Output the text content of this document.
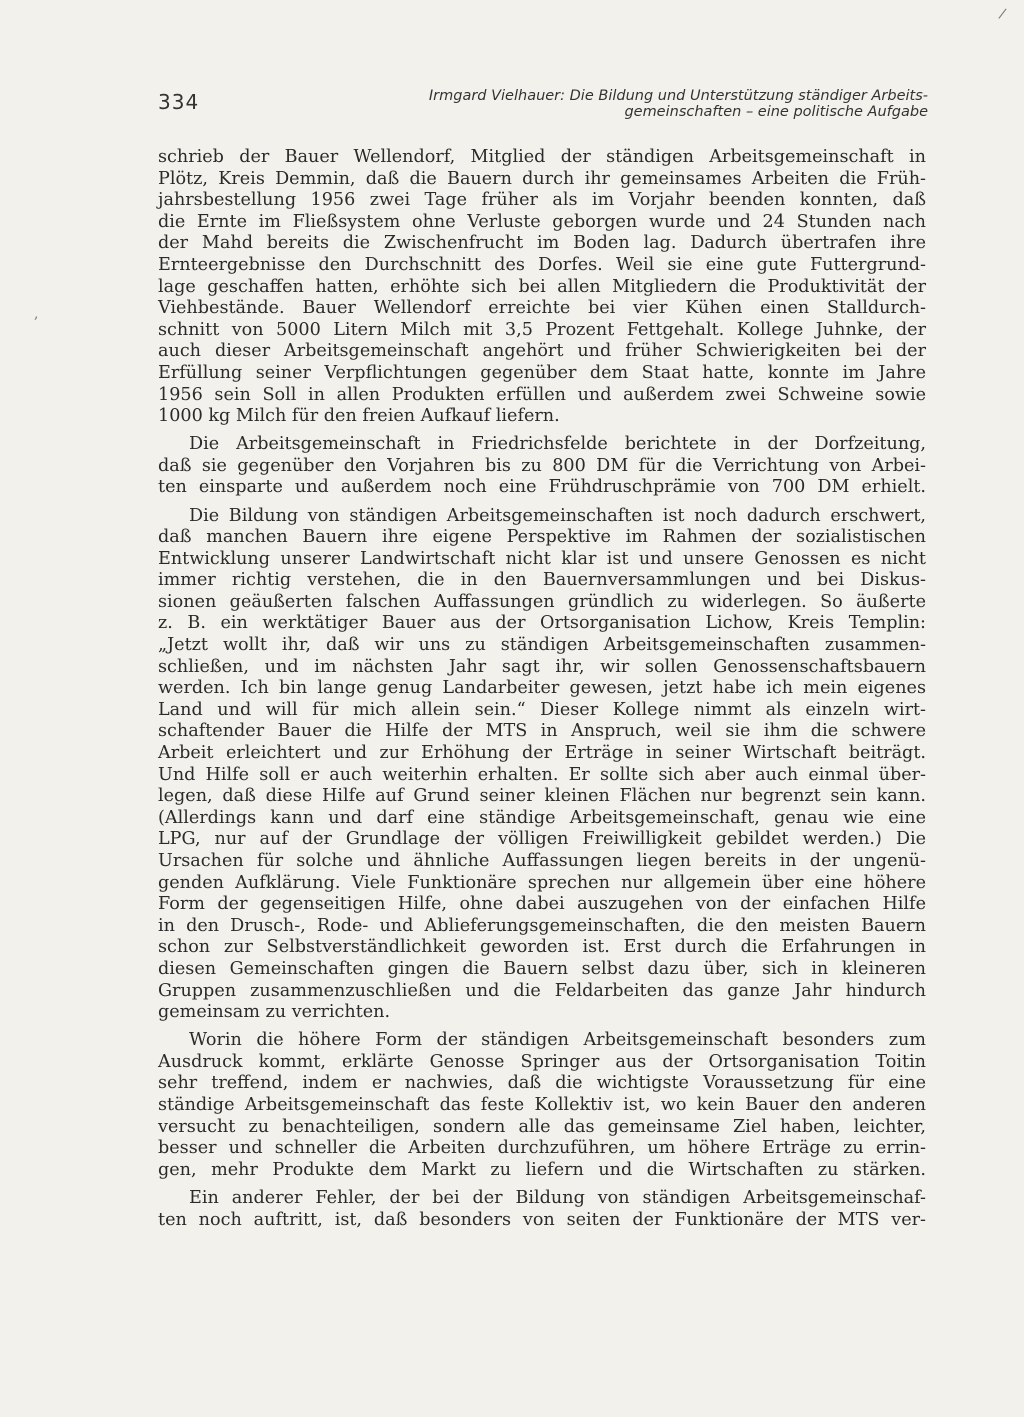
334	Irmgard Vielhauer: Die Bildung und Unterstützung ständiger Arbeits-
gemeinschaften – eine politische Aufgabe

schrieb der Bauer Wellendorf, Mitglied der ständigen Arbeitsgemeinschaft in
Plötz, Kreis Demmin, daß die Bauern durch ihr gemeinsames Arbeiten die Früh-
jahrsbestellung 1956 zwei Tage früher als im Vorjahr beenden konnten, daß
die Ernte im Fließsystem ohne Verluste geborgen wurde und 24 Stunden nach
der Mahd bereits die Zwischenfrucht im Boden lag. Dadurch übertrafen ihre
Ernteergebnisse den Durchschnitt des Dorfes. Weil sie eine gute Futtergrund-
lage geschaffen hatten, erhöhte sich bei allen Mitgliedern die Produktivität der
Viehbestände. Bauer Wellendorf erreichte bei vier Kühen einen Stalldurch-
schnitt von 5000 Litern Milch mit 3,5 Prozent Fettgehalt. Kollege Juhnke, der
auch dieser Arbeitsgemeinschaft angehört und früher Schwierigkeiten bei der
Erfüllung seiner Verpflichtungen gegenüber dem Staat hatte, konnte im Jahre
1956 sein Soll in allen Produkten erfüllen und außerdem zwei Schweine sowie
1000 kg Milch für den freien Aufkauf liefern.

Die Arbeitsgemeinschaft in Friedrichsfelde berichtete in der Dorfzeitung,
daß sie gegenüber den Vorjahren bis zu 800 DM für die Verrichtung von Arbei-
ten einsparte und außerdem noch eine Frühdruschprämie von 700 DM erhielt.

Die Bildung von ständigen Arbeitsgemeinschaften ist noch dadurch erschwert,
daß manchen Bauern ihre eigene Perspektive im Rahmen der sozialistischen
Entwicklung unserer Landwirtschaft nicht klar ist und unsere Genossen es nicht
immer richtig verstehen, die in den Bauernversammlungen und bei Diskus-
sionen geäußerten falschen Auffassungen gründlich zu widerlegen. So äußerte
z. B. ein werktätiger Bauer aus der Ortsorganisation Lichow, Kreis Templin:
„Jetzt wollt ihr, daß wir uns zu ständigen Arbeitsgemeinschaften zusammen-
schließen, und im nächsten Jahr sagt ihr, wir sollen Genossenschaftsbauern
werden. Ich bin lange genug Landarbeiter gewesen, jetzt habe ich mein eigenes
Land und will für mich allein sein.“ Dieser Kollege nimmt als einzeln wirt-
schaftender Bauer die Hilfe der MTS in Anspruch, weil sie ihm die schwere
Arbeit erleichtert und zur Erhöhung der Erträge in seiner Wirtschaft beiträgt.
Und Hilfe soll er auch weiterhin erhalten. Er sollte sich aber auch einmal über-
legen, daß diese Hilfe auf Grund seiner kleinen Flächen nur begrenzt sein kann.
(Allerdings kann und darf eine ständige Arbeitsgemeinschaft, genau wie eine
LPG, nur auf der Grundlage der völligen Freiwilligkeit gebildet werden.) Die
Ursachen für solche und ähnliche Auffassungen liegen bereits in der ungenü-
genden Aufklärung. Viele Funktionäre sprechen nur allgemein über eine höhere
Form der gegenseitigen Hilfe, ohne dabei auszugehen von der einfachen Hilfe
in den Drusch-, Rode- und Ablieferungsgemeinschaften, die den meisten Bauern
schon zur Selbstverständlichkeit geworden ist. Erst durch die Erfahrungen in
diesen Gemeinschaften gingen die Bauern selbst dazu über, sich in kleineren
Gruppen zusammenzuschließen und die Feldarbeiten das ganze Jahr hindurch
gemeinsam zu verrichten.

Worin die höhere Form der ständigen Arbeitsgemeinschaft besonders zum
Ausdruck kommt, erklärte Genosse Springer aus der Ortsorganisation Toitin
sehr treffend, indem er nachwies, daß die wichtigste Voraussetzung für eine
ständige Arbeitsgemeinschaft das feste Kollektiv ist, wo kein Bauer den anderen
versucht zu benachteiligen, sondern alle das gemeinsame Ziel haben, leichter,
besser und schneller die Arbeiten durchzuführen, um höhere Erträge zu errin-
gen, mehr Produkte dem Markt zu liefern und die Wirtschaften zu stärken.

Ein anderer Fehler, der bei der Bildung von ständigen Arbeitsgemeinschaf-
ten noch auftritt, ist, daß besonders von seiten der Funktionäre der MTS ver-

/
,
